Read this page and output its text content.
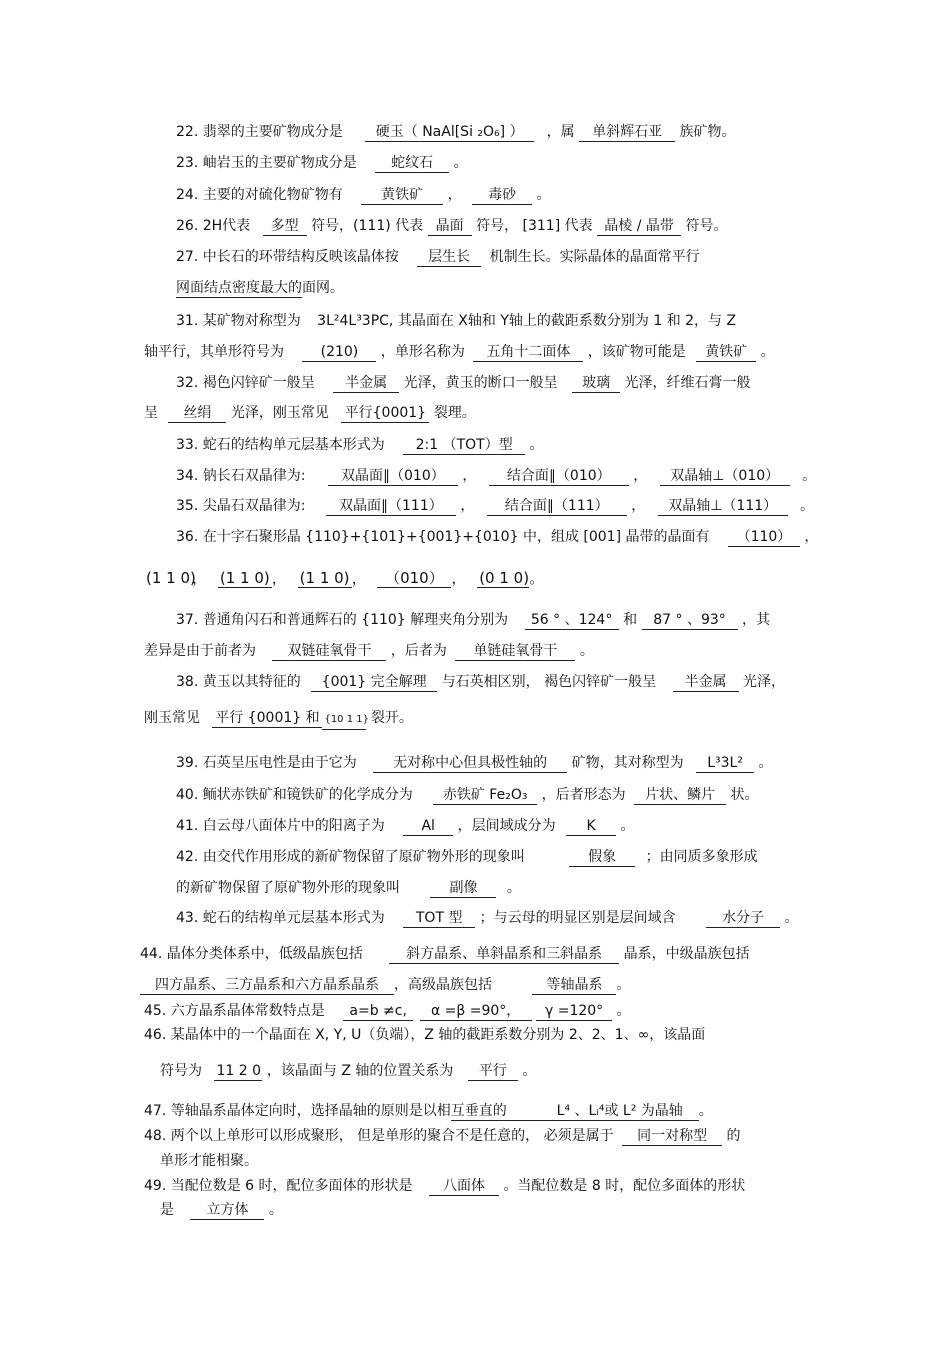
22. 翡翠的主要矿物成分是 硬玉（ NaAl[Si ₂O₆] ） ，属 单斜辉石亚 族矿物。
23. 岫岩玉的主要矿物成分是 蛇纹石 。
24. 主要的对硫化物矿物有	黄铁矿 ， 毒砂 。
26. 2H代表 多型 符号，(111) 代表 晶面 符号， [311] 代表 晶棱 / 晶带 符号。
27. 中长石的环带结构反映该晶体按 层生长 机制生长。实际晶体的晶面常平行
网面结点密度最大的面网。
31. 某矿物对称型为 3L²4L³3PC, 其晶面在 X轴和 Y轴上的截距系数分别为 1 和 2，与 Z
轴平行，其单形符号为	(210) ，单形名称为 五角十二面体 ，该矿物可能是 黄铁矿 。
32. 褐色闪锌矿一般呈 半金属 光泽，黄玉的断口一般呈 玻璃 光泽，纤维石膏一般
呈 丝绢 光泽，刚玉常见 平行{0001} 裂理。
33. 蛇石的结构单元层基本形式为 2:1 （TOT）型 。
34. 钠长石双晶律为:	双晶面∥（010） ， 结合面∥（010） ， 双晶轴⊥（010） 。
35. 尖晶石双晶律为: 双晶面∥（111） ， 结合面∥（111） ， 双晶轴⊥（111） 。
36. 在十字石聚形晶 {110}+{101}+{001}+{010} 中，组成 [001] 晶带的晶面有 （110） ，
(1 1 0)， (1 1 0) ， (1 1 0) ， （010） ， (0 1 0)。
37. 普通角闪石和普通辉石的 {110} 解理夹角分别为 56 ° 、124° 和 87 ° 、93° ，其
差异是由于前者为 双链硅氧骨干 ，后者为 单链硅氧骨干 。
38. 黄玉以其特征的 {001} 完全解理 与石英相区别， 褐色闪锌矿一般呈 半金属 光泽，
刚玉常见 平行 {0001} 和 {10 1 1} 裂开。
39. 石英呈压电性是由于它为	无对称中心但具极性轴的 矿物，其对称型为 L³3L² 。
40. 鲕状赤铁矿和镜铁矿的化学成分为 赤铁矿 Fe₂O₃ ，后者形态为 片状、鳞片 状。
41. 白云母八面体片中的阳离子为	Al ，层间域成分为 K 。
42. 由交代作用形成的新矿物保留了原矿物外形的现象叫	假象 ；由同质多象形成
的新矿物保留了原矿物外形的现象叫	副像 。
43. 蛇石的结构单元层基本形式为 TOT 型 ；与云母的明显区别是层间域含	水分子 。
44. 晶体分类体系中，低级晶族包括	斜方晶系、单斜晶系和三斜晶系 晶系，中级晶族包括
四方晶系、三方晶系和六方晶系晶系 ，高级晶族包括	等轴晶系 。
45. 六方晶系晶体常数特点是 a=b ≠c, α =β =90°， γ =120° 。
46. 某晶体中的一个晶面在 X, Y, U（负端），Z 轴的截距系数分别为 2、2、1、∞，该晶面
符号为 11 2 0 ，该晶面与 Z 轴的位置关系为 平行 。
47. 等轴晶系晶体定向时，选择晶轴的原则是以相互垂直的	L⁴ 、Lᵢ⁴或 L² 为晶轴 。
48. 两个以上单形可以形成聚形， 但是单形的聚合不是任意的， 必须是属于 同一对称型 的
单形才能相聚。
49. 当配位数是 6 时，配位多面体的形状是 八面体 。当配位数是 8 时，配位多面体的形状
是 立方体 。
